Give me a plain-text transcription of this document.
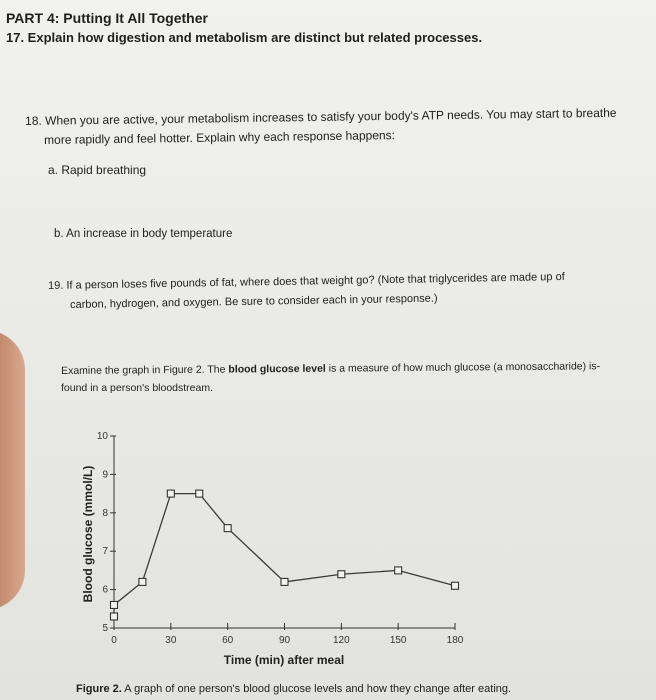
PART 4: Putting It All Together
17. Explain how digestion and metabolism are distinct but related processes.
18. When you are active, your metabolism increases to satisfy your body's ATP needs. You may start to breathe
more rapidly and feel hotter. Explain why each response happens:
a. Rapid breathing
b. An increase in body temperature
19. If a person loses five pounds of fat, where does that weight go? (Note that triglycerides are made up of
carbon, hydrogen, and oxygen. Be sure to consider each in your response.)
Examine the graph in Figure 2. The blood glucose level is a measure of how much glucose (a monosaccharide) is-
found in a person's bloodstream.
0	30	60	90	120	150	180
5
6
7
8
9
10
Time (min) after meal
Blood glucose (mmol/L)
Figure 2. A graph of one person's blood glucose levels and how they change after eating.
